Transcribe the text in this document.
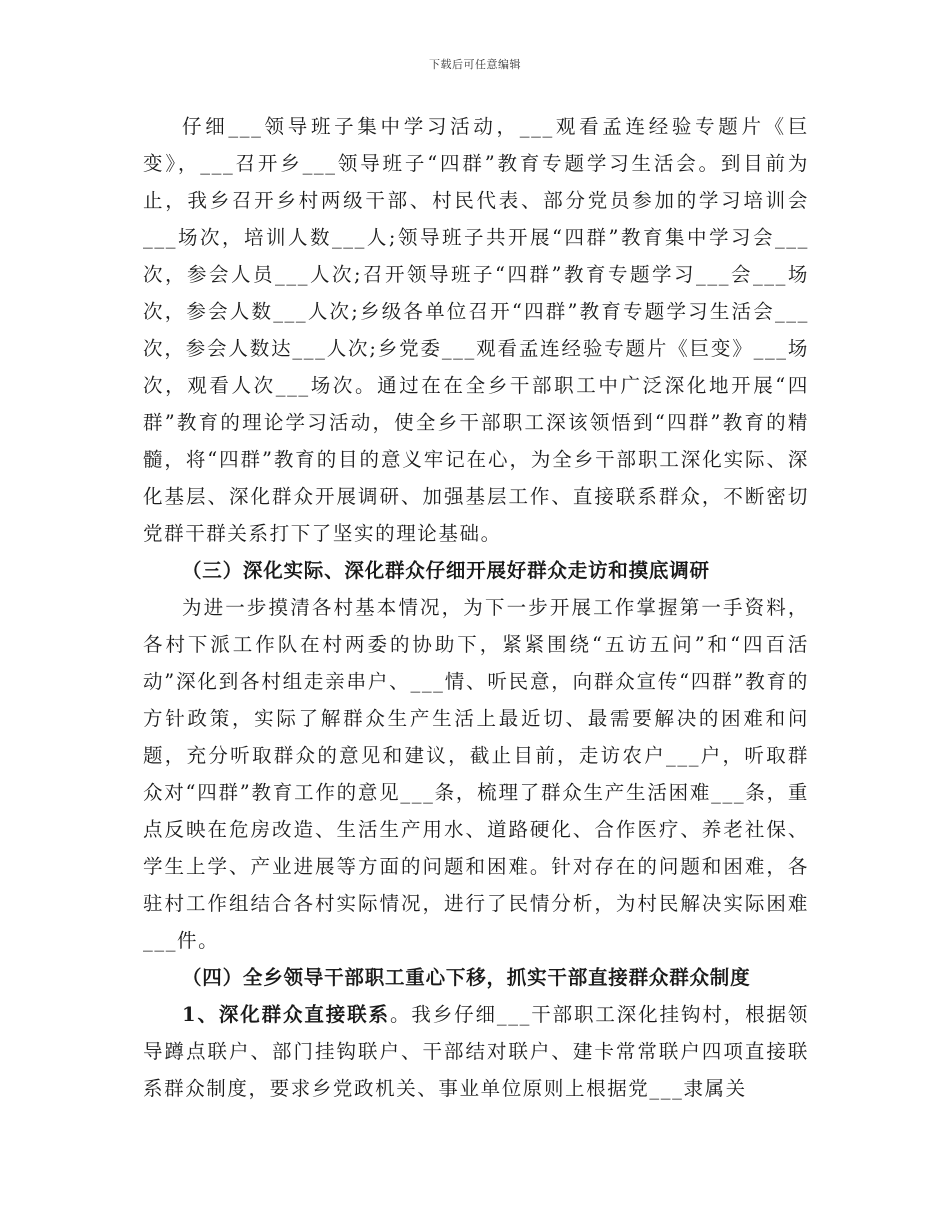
下载后可任意编辑

仔细___领导班子集中学习活动，___观看孟连经验专题片《巨变》，___召开乡___领导班子“四群”教育专题学习生活会。到目前为止，我乡召开乡村两级干部、村民代表、部分党员参加的学习培训会___场次，培训人数___人;领导班子共开展“四群”教育集中学习会___次，参会人员___人次;召开领导班子“四群”教育专题学习___会___场次，参会人数___人次;乡级各单位召开“四群”教育专题学习生活会___次，参会人数达___人次;乡党委___观看孟连经验专题片《巨变》___场次，观看人次___场次。通过在在全乡干部职工中广泛深化地开展“四群”教育的理论学习活动，使全乡干部职工深该领悟到“四群”教育的精髓，将“四群”教育的目的意义牢记在心，为全乡干部职工深化实际、深化基层、深化群众开展调研、加强基层工作、直接联系群众，不断密切党群干群关系打下了坚实的理论基础。

（三）深化实际、深化群众仔细开展好群众走访和摸底调研

为进一步摸清各村基本情况，为下一步开展工作掌握第一手资料，各村下派工作队在村两委的协助下，紧紧围绕“五访五问”和“四百活动”深化到各村组走亲串户、___情、听民意，向群众宣传“四群”教育的方针政策，实际了解群众生产生活上最近切、最需要解决的困难和问题，充分听取群众的意见和建议，截止目前，走访农户___户，听取群众对“四群”教育工作的意见___条，梳理了群众生产生活困难___条，重点反映在危房改造、生活生产用水、道路硬化、合作医疗、养老社保、学生上学、产业进展等方面的问题和困难。针对存在的问题和困难，各驻村工作组结合各村实际情况，进行了民情分析，为村民解决实际困难___件。

（四）全乡领导干部职工重心下移，抓实干部直接群众群众制度

1、深化群众直接联系。我乡仔细___干部职工深化挂钩村，根据领导蹲点联户、部门挂钩联户、干部结对联户、建卡常常联户四项直接联系群众制度，要求乡党政机关、事业单位原则上根据党___隶属关
